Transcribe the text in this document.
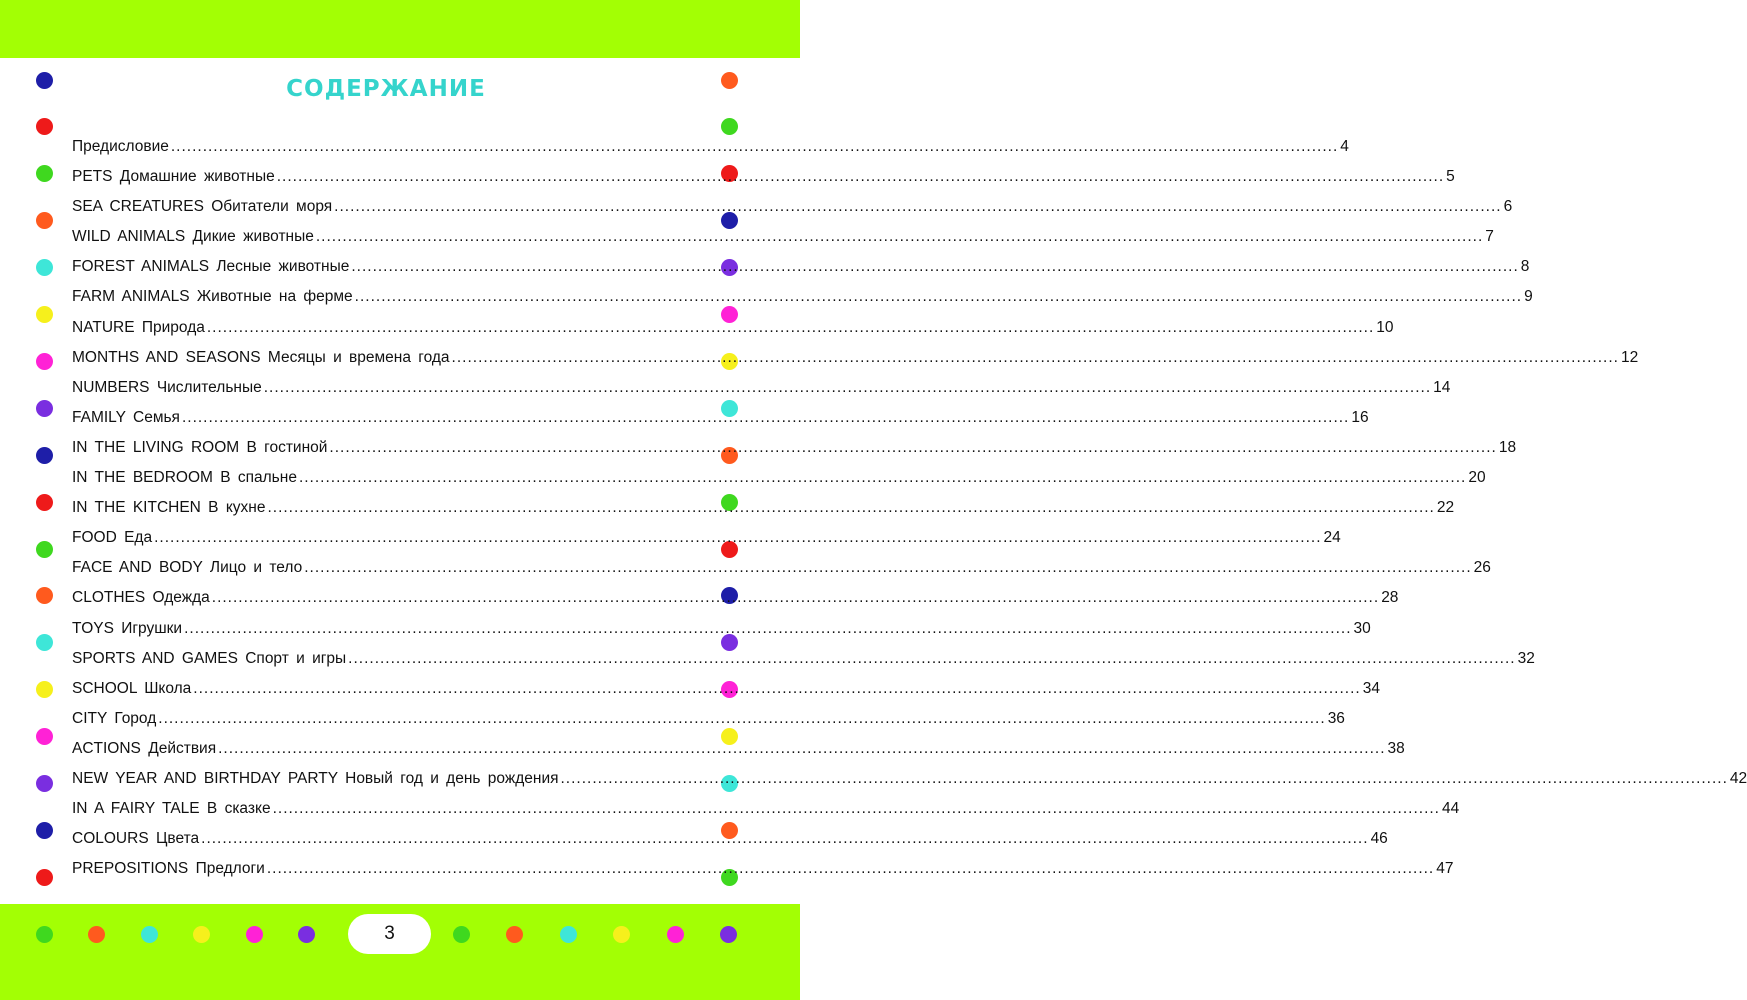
СОДЕРЖАНИЕ
Предисловие ............................................................................................................................................................................................................................ 4
PETS Домашние животные ............................................................................................................................................................................................................................ 5
SEA CREATURES Обитатели моря ............................................................................................................................................................................................................................ 6
WILD ANIMALS Дикие животные ............................................................................................................................................................................................................................ 7
FOREST ANIMALS Лесные животные ............................................................................................................................................................................................................................ 8
FARM ANIMALS Животные на ферме ............................................................................................................................................................................................................................ 9
NATURE Природа ............................................................................................................................................................................................................................ 10
MONTHS AND SEASONS Месяцы и времена года ............................................................................................................................................................................................................................ 12
NUMBERS Числительные ............................................................................................................................................................................................................................ 14
FAMILY Семья ............................................................................................................................................................................................................................ 16
IN THE LIVING ROOM В гостиной ............................................................................................................................................................................................................................ 18
IN THE BEDROOM В спальне ............................................................................................................................................................................................................................ 20
IN THE KITCHEN В кухне ............................................................................................................................................................................................................................ 22
FOOD Еда ............................................................................................................................................................................................................................ 24
FACE AND BODY Лицо и тело ............................................................................................................................................................................................................................ 26
CLOTHES Одежда ............................................................................................................................................................................................................................ 28
TOYS Игрушки ............................................................................................................................................................................................................................ 30
SPORTS AND GAMES Спорт и игры ............................................................................................................................................................................................................................ 32
SCHOOL Школа ............................................................................................................................................................................................................................ 34
CITY Город ............................................................................................................................................................................................................................ 36
ACTIONS Действия ............................................................................................................................................................................................................................ 38
NEW YEAR AND BIRTHDAY PARTY Новый год и день рождения ............................................................................................................................................................................................................................ 42
IN A FAIRY TALE В сказке ............................................................................................................................................................................................................................ 44
COLOURS Цвета ............................................................................................................................................................................................................................ 46
PREPOSITIONS Предлоги ............................................................................................................................................................................................................................ 47
3
